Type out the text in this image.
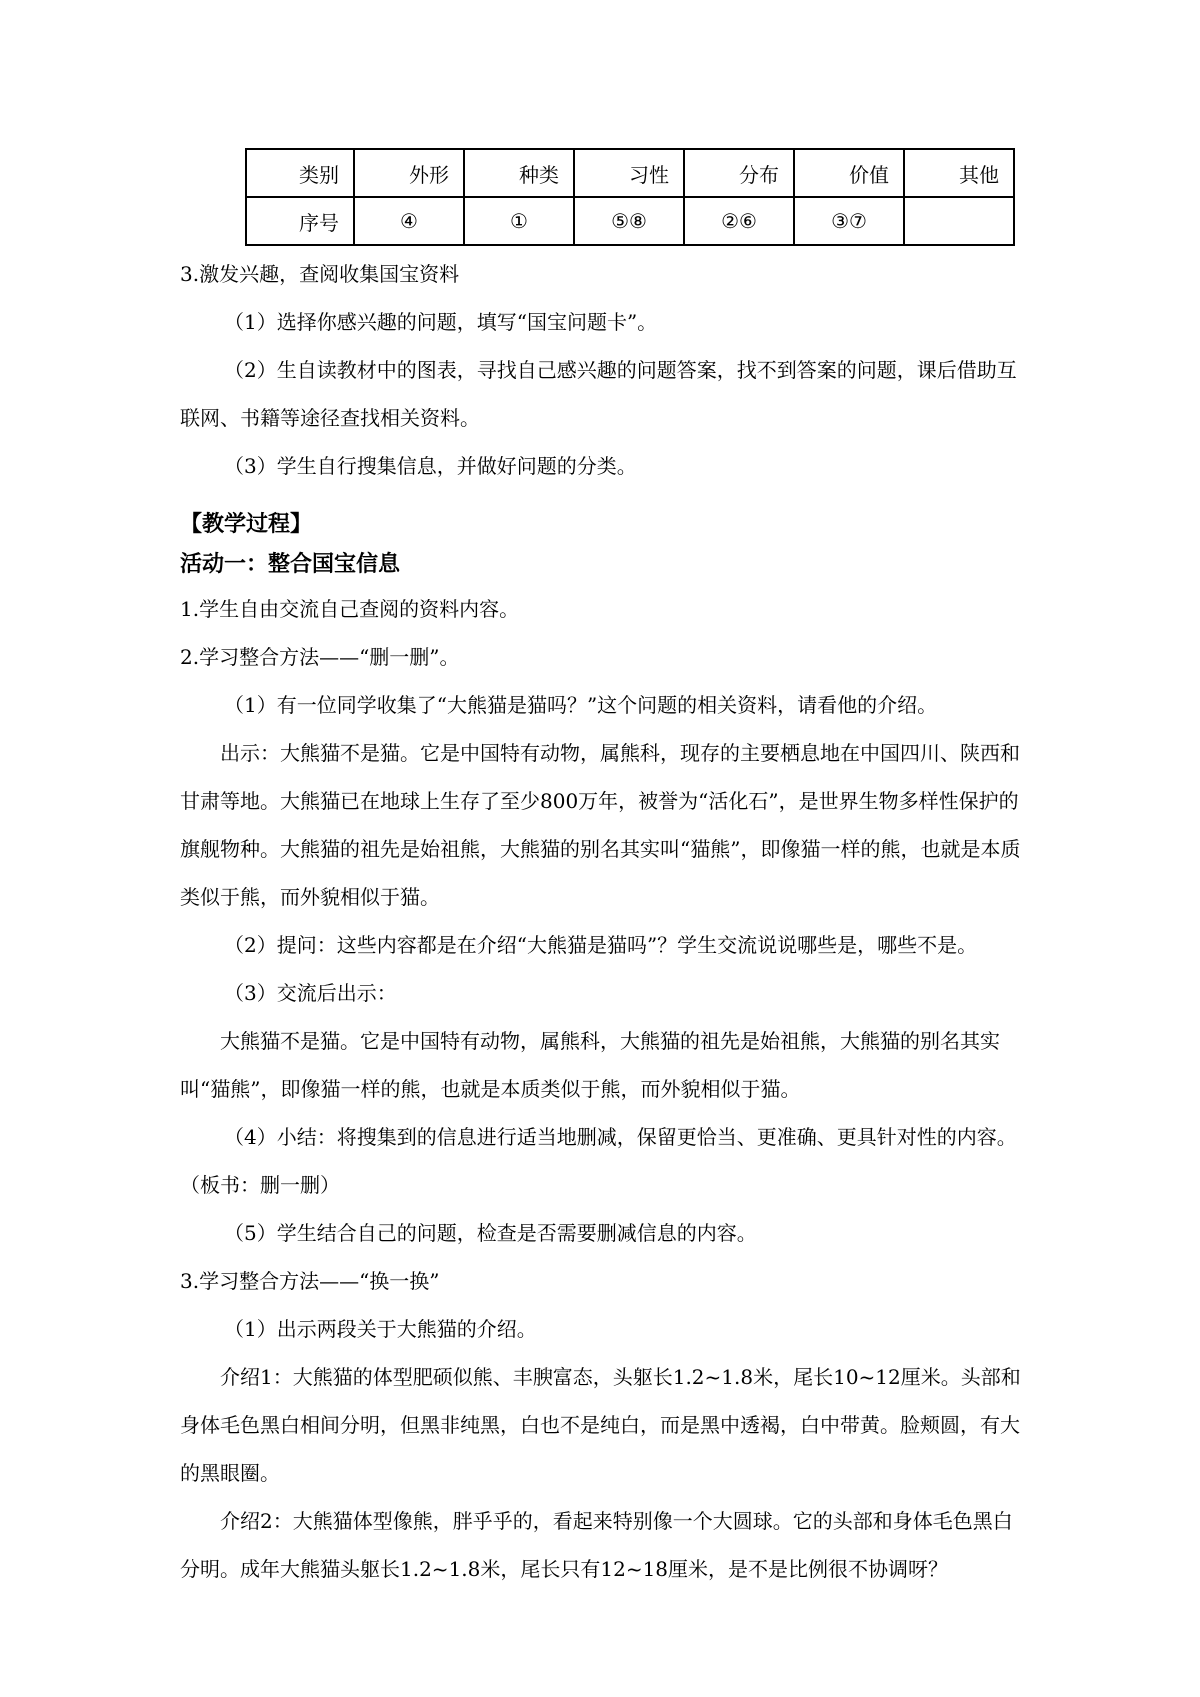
类别	外形	种类	习性	分布	价值	其他
序号	④	①	⑤⑧	②⑥	③⑦	

3.激发兴趣，查阅收集国宝资料

（1）选择你感兴趣的问题，填写“国宝问题卡”。

（2）生自读教材中的图表，寻找自己感兴趣的问题答案，找不到答案的问题，课后借助互联网、书籍等途径查找相关资料。

（3）学生自行搜集信息，并做好问题的分类。

【教学过程】

活动一：整合国宝信息

1.学生自由交流自己查阅的资料内容。

2.学习整合方法——“删一删”。

（1）有一位同学收集了“大熊猫是猫吗？”这个问题的相关资料，请看他的介绍。

出示：大熊猫不是猫。它是中国特有动物，属熊科，现存的主要栖息地在中国四川、陕西和甘肃等地。大熊猫已在地球上生存了至少800万年，被誉为“活化石”，是世界生物多样性保护的旗舰物种。大熊猫的祖先是始祖熊，大熊猫的别名其实叫“猫熊”，即像猫一样的熊，也就是本质类似于熊，而外貌相似于猫。

（2）提问：这些内容都是在介绍“大熊猫是猫吗”？学生交流说说哪些是，哪些不是。

（3）交流后出示：

大熊猫不是猫。它是中国特有动物，属熊科，大熊猫的祖先是始祖熊，大熊猫的别名其实叫“猫熊”，即像猫一样的熊，也就是本质类似于熊，而外貌相似于猫。

（4）小结：将搜集到的信息进行适当地删减，保留更恰当、更准确、更具针对性的内容。（板书：删一删）

（5）学生结合自己的问题，检查是否需要删减信息的内容。

3.学习整合方法——“换一换”

（1）出示两段关于大熊猫的介绍。

介绍1：大熊猫的体型肥硕似熊、丰腴富态，头躯长1.2~1.8米，尾长10~12厘米。头部和身体毛色黑白相间分明，但黑非纯黑，白也不是纯白，而是黑中透褐，白中带黄。脸颊圆，有大的黑眼圈。

介绍2：大熊猫体型像熊，胖乎乎的，看起来特别像一个大圆球。它的头部和身体毛色黑白分明。成年大熊猫头躯长1.2~1.8米，尾长只有12~18厘米，是不是比例很不协调呀？
